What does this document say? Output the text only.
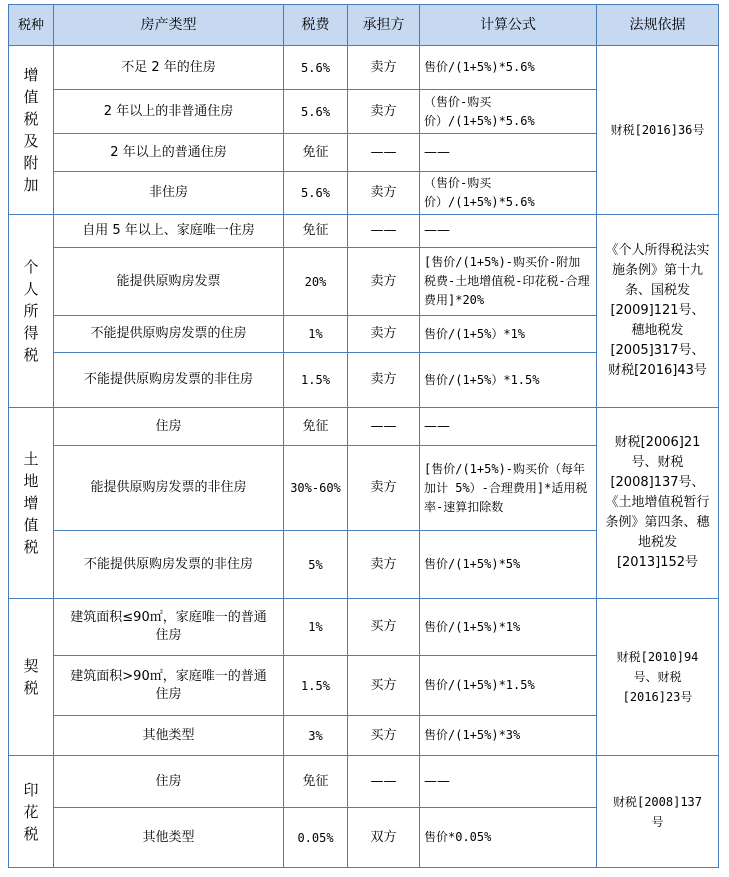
税种	房产类型	税费	承担方	计算公式	法规依据
增值税及附加	不足 2 年的住房	5.6%	卖方	售价/(1+5%)*5.6%	财税[2016]36号
	2 年以上的非普通住房	5.6%	卖方	（售价-购买价）/(1+5%)*5.6%	
	2 年以上的普通住房	免征	——	——	
	非住房	5.6%	卖方	（售价-购买价）/(1+5%)*5.6%	
个人所得税	自用 5 年以上、家庭唯一住房	免征	——	——	《个人所得税法实施条例》第十九条、国税发[2009]121号、穗地税发[2005]317号、财税[2016]43号
	能提供原购房发票	20%	卖方	[售价/(1+5%)-购买价-附加税费-土地增值税-印花税-合理费用]*20%	
	不能提供原购房发票的住房	1%	卖方	售价/(1+5%）*1%	
	不能提供原购房发票的非住房	1.5%	卖方	售价/(1+5%）*1.5%	
土地增值税	住房	免征	——	——	财税[2006]21号、财税[2008]137号、《土地增值税暂行条例》第四条、穗地税发[2013]152号
	能提供原购房发票的非住房	30%-60%	卖方	[售价/(1+5%)-购买价（每年加计 5%）-合理费用]*适用税率-速算扣除数	
	不能提供原购房发票的非住房	5%	卖方	售价/(1+5%)*5%	
契税	建筑面积≤90㎡，家庭唯一的普通住房	1%	买方	售价/(1+5%)*1%	财税[2010]94号、财税[2016]23号
	建筑面积>90㎡，家庭唯一的普通住房	1.5%	买方	售价/(1+5%)*1.5%	
	其他类型	3%	买方	售价/(1+5%)*3%	
印花税	住房	免征	——	——	财税[2008]137号
	其他类型	0.05%	双方	售价*0.05%	
